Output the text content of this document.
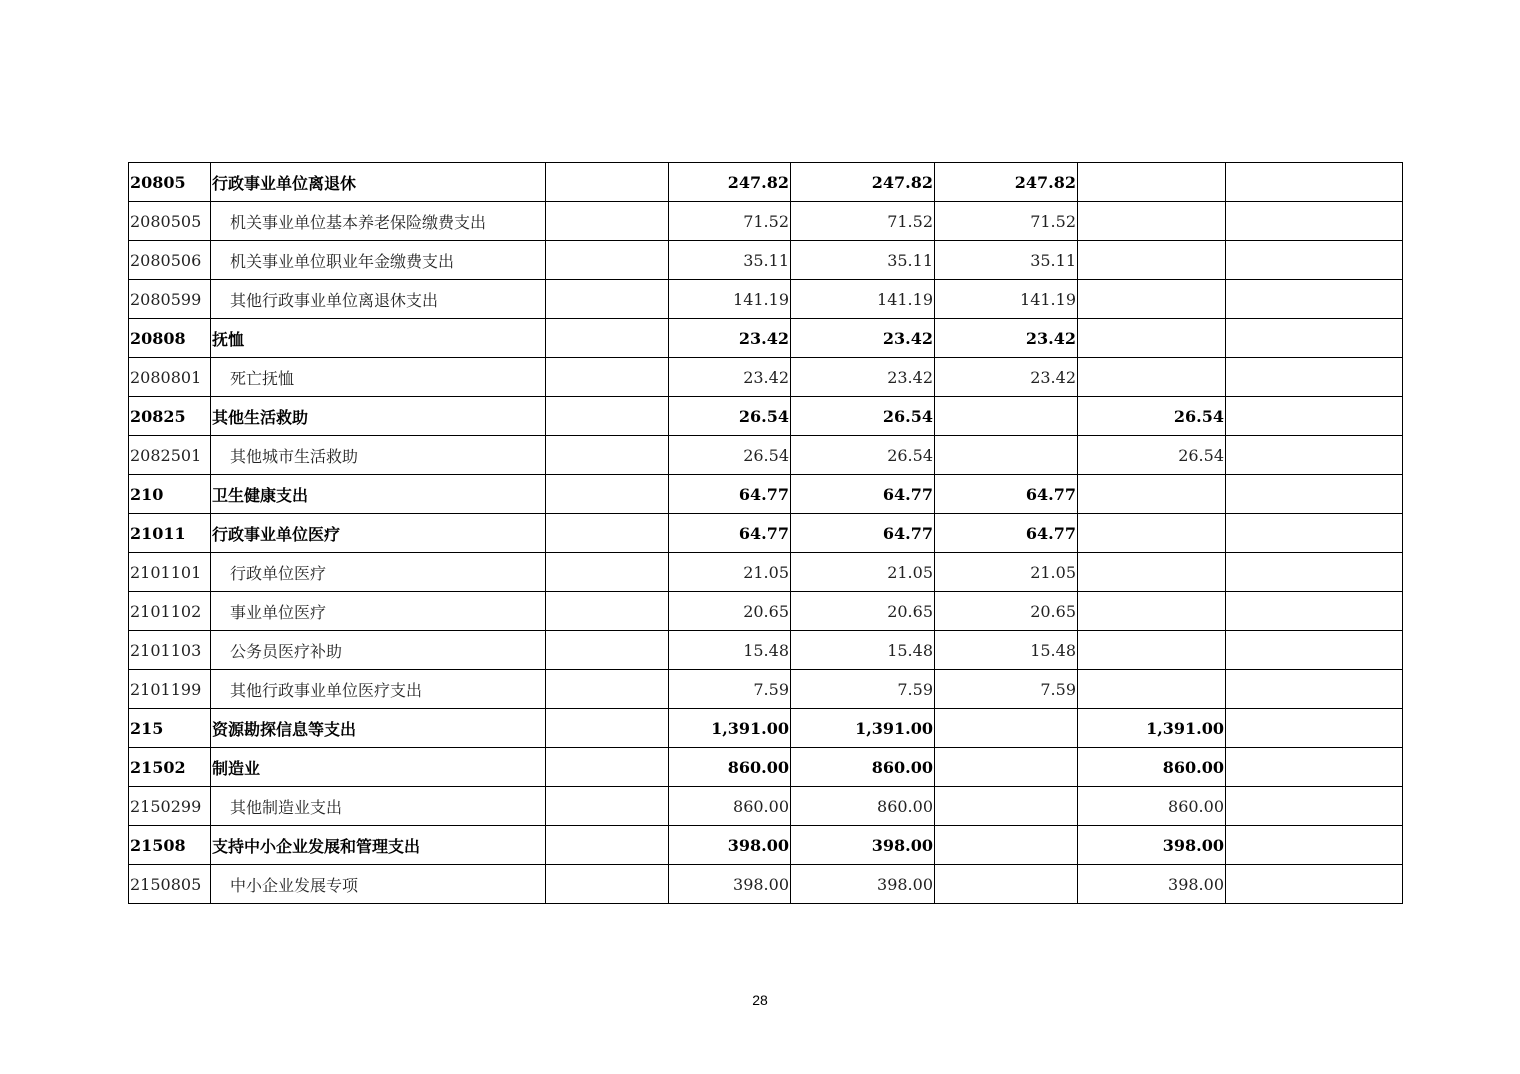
20805	行政事业单位离退休		247.82	247.82	247.82		
2080505	机关事业单位基本养老保险缴费支出		71.52	71.52	71.52		
2080506	机关事业单位职业年金缴费支出		35.11	35.11	35.11		
2080599	其他行政事业单位离退休支出		141.19	141.19	141.19		
20808	抚恤		23.42	23.42	23.42		
2080801	死亡抚恤		23.42	23.42	23.42		
20825	其他生活救助		26.54	26.54		26.54	
2082501	其他城市生活救助		26.54	26.54		26.54	
210	卫生健康支出		64.77	64.77	64.77		
21011	行政事业单位医疗		64.77	64.77	64.77		
2101101	行政单位医疗		21.05	21.05	21.05		
2101102	事业单位医疗		20.65	20.65	20.65		
2101103	公务员医疗补助		15.48	15.48	15.48		
2101199	其他行政事业单位医疗支出		7.59	7.59	7.59		
215	资源勘探信息等支出		1,391.00	1,391.00		1,391.00	
21502	制造业		860.00	860.00		860.00	
2150299	其他制造业支出		860.00	860.00		860.00	
21508	支持中小企业发展和管理支出		398.00	398.00		398.00	
2150805	中小企业发展专项		398.00	398.00		398.00	
28
